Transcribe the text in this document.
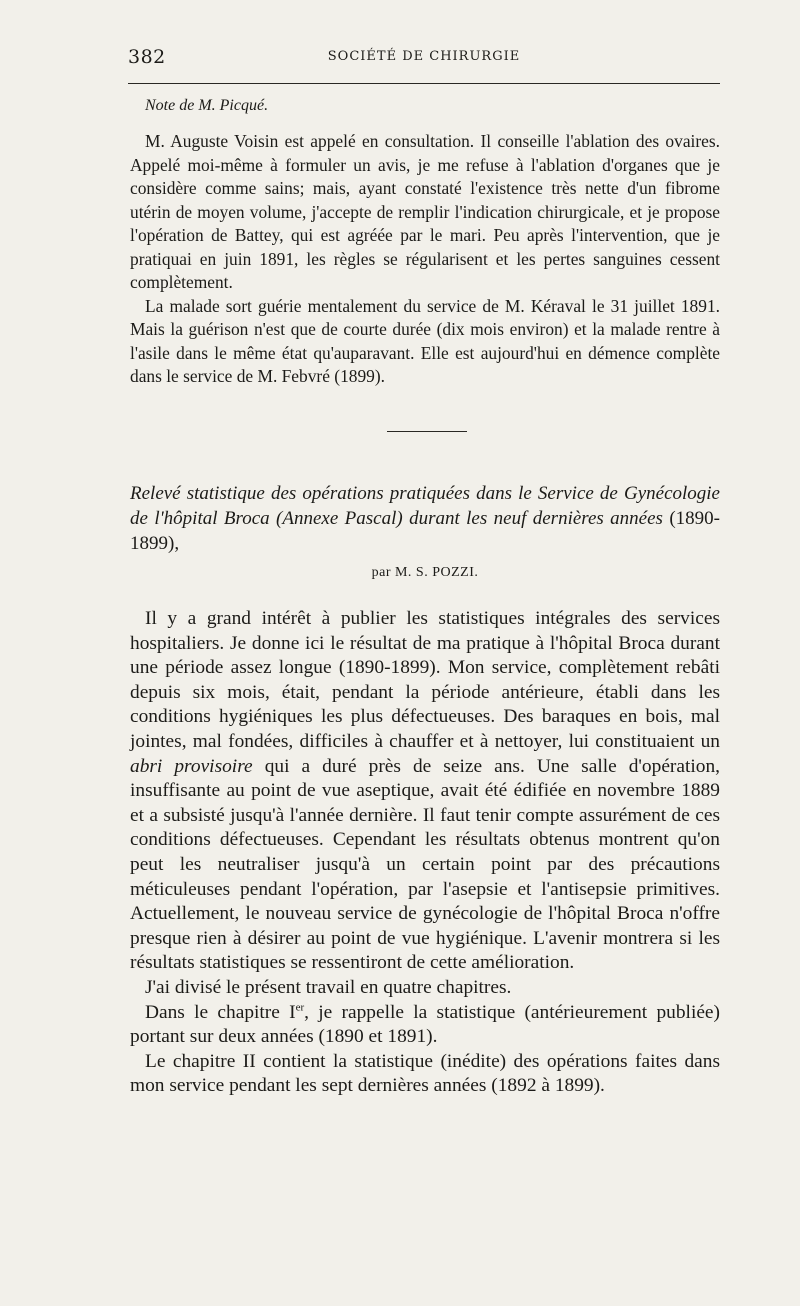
382	SOCIÉTÉ DE CHIRURGIE
Note de M. Picqué.

M. Auguste Voisin est appelé en consultation. Il conseille l'ablation des ovaires. Appelé moi-même à formuler un avis, je me refuse à l'ablation d'organes que je considère comme sains; mais, ayant constaté l'existence très nette d'un fibrome utérin de moyen volume, j'accepte de remplir l'indication chirurgicale, et je propose l'opération de Battey, qui est agréée par le mari. Peu après l'intervention, que je pratiquai en juin 1891, les règles se régularisent et les pertes sanguines cessent complètement.

La malade sort guérie mentalement du service de M. Kéraval le 31 juillet 1891. Mais la guérison n'est que de courte durée (dix mois environ) et la malade rentre à l'asile dans le même état qu'auparavant. Elle est aujourd'hui en démence complète dans le service de M. Febvré (1899).

Relevé statistique des opérations pratiquées dans le Service de Gynécologie de l'hôpital Broca (Annexe Pascal) durant les neuf dernières années (1890-1899),
par M. S. POZZI.

Il y a grand intérêt à publier les statistiques intégrales des services hospitaliers. Je donne ici le résultat de ma pratique à l'hôpital Broca durant une période assez longue (1890-1899). Mon service, complètement rebâti depuis six mois, était, pendant la période antérieure, établi dans les conditions hygiéniques les plus défectueuses. Des baraques en bois, mal jointes, mal fondées, difficiles à chauffer et à nettoyer, lui constituaient un abri provisoire qui a duré près de seize ans. Une salle d'opération, insuffisante au point de vue aseptique, avait été édifiée en novembre 1889 et a subsisté jusqu'à l'année dernière. Il faut tenir compte assurément de ces conditions défectueuses. Cependant les résultats obtenus montrent qu'on peut les neutraliser jusqu'à un certain point par des précautions méticuleuses pendant l'opération, par l'asepsie et l'antisepsie primitives. Actuellement, le nouveau service de gynécologie de l'hôpital Broca n'offre presque rien à désirer au point de vue hygiénique. L'avenir montrera si les résultats statistiques se ressentiront de cette amélioration.

J'ai divisé le présent travail en quatre chapitres.

Dans le chapitre Ier, je rappelle la statistique (antérieurement publiée) portant sur deux années (1890 et 1891).

Le chapitre II contient la statistique (inédite) des opérations faites dans mon service pendant les sept dernières années (1892 à 1899).
